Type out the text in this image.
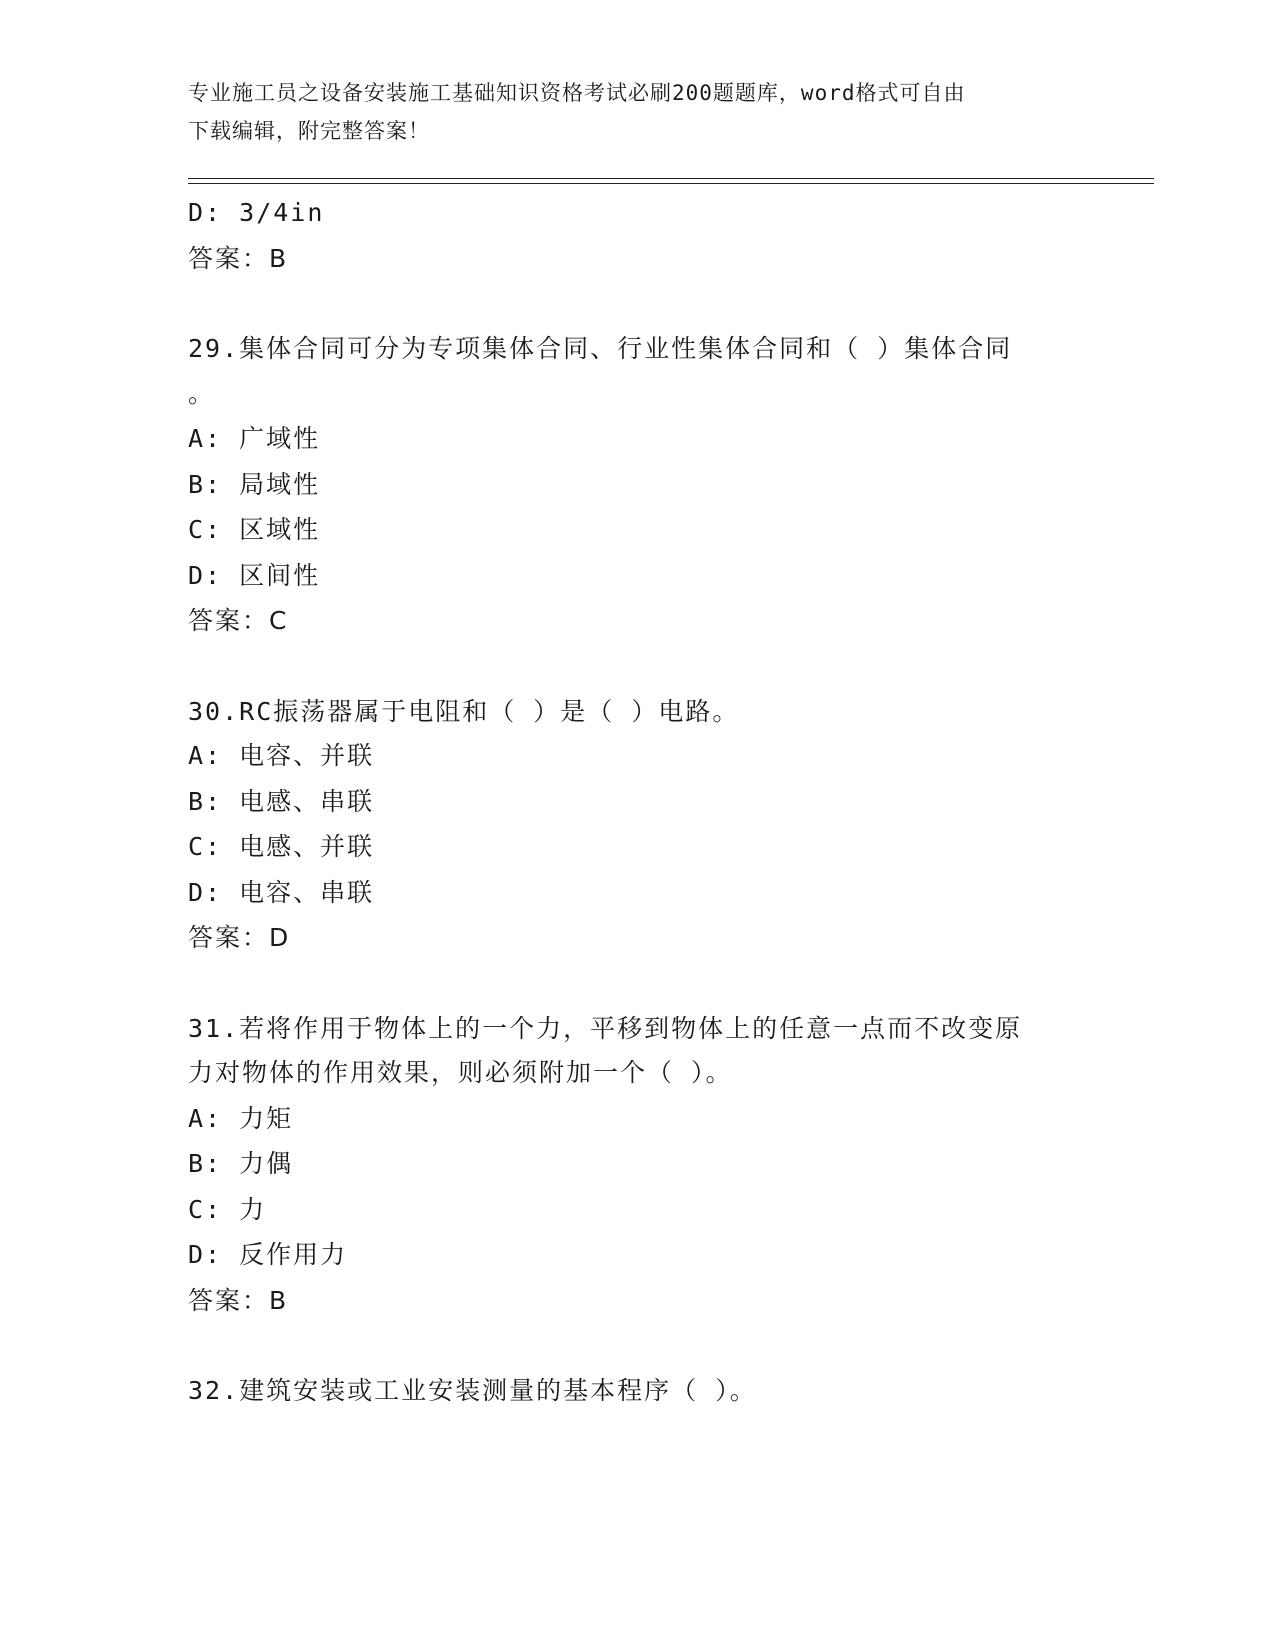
专业施工员之设备安装施工基础知识资格考试必刷200题题库，word格式可自由
下载编辑，附完整答案！
D: 3/4in
答案：B
29.集体合同可分为专项集体合同、行业性集体合同和（ ）集体合同
。
A: 广域性
B: 局域性
C: 区域性
D: 区间性
答案：C
30.RC振荡器属于电阻和（ ）是（ ）电路。
A: 电容、并联
B: 电感、串联
C: 电感、并联
D: 电容、串联
答案：D
31.若将作用于物体上的一个力，平移到物体上的任意一点而不改变原
力对物体的作用效果，则必须附加一个（ ）。
A: 力矩
B: 力偶
C: 力
D: 反作用力
答案：B
32.建筑安装或工业安装测量的基本程序（ ）。
